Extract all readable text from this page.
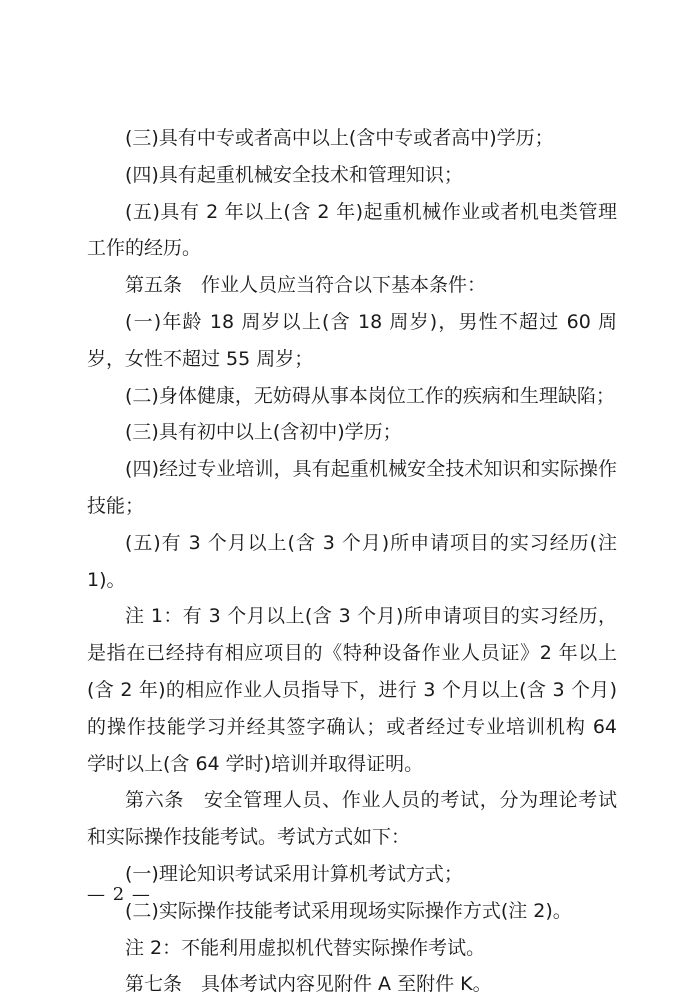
(三)具有中专或者高中以上(含中专或者高中)学历；

(四)具有起重机械安全技术和管理知识；

(五)具有 2 年以上(含 2 年)起重机械作业或者机电类管理工作的经历。

第五条　作业人员应当符合以下基本条件：

(一)年龄 18 周岁以上(含 18 周岁)，男性不超过 60 周岁，女性不超过 55 周岁；

(二)身体健康，无妨碍从事本岗位工作的疾病和生理缺陷；

(三)具有初中以上(含初中)学历；

(四)经过专业培训，具有起重机械安全技术知识和实际操作技能；

(五)有 3 个月以上(含 3 个月)所申请项目的实习经历(注 1)。

注 1：有 3 个月以上(含 3 个月)所申请项目的实习经历，是指在已经持有相应项目的《特种设备作业人员证》2 年以上(含 2 年)的相应作业人员指导下，进行 3 个月以上(含 3 个月)的操作技能学习并经其签字确认；或者经过专业培训机构 64 学时以上(含 64 学时)培训并取得证明。

第六条　安全管理人员、作业人员的考试，分为理论考试和实际操作技能考试。考试方式如下：

(一)理论知识考试采用计算机考试方式；

(二)实际操作技能考试采用现场实际操作方式(注 2)。

注 2：不能利用虚拟机代替实际操作考试。

第七条　具体考试内容见附件 A 至附件 K。

— 2 —
